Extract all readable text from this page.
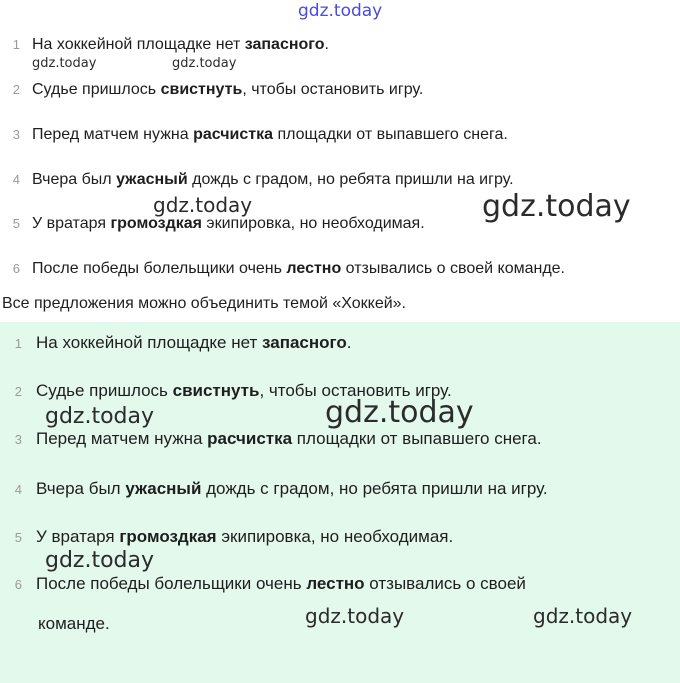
gdz.today
1 На хоккейной площадке нет запасного.
2 Судье пришлось свистнуть, чтобы остановить игру.
3 Перед матчем нужна расчистка площадки от выпавшего снега.
4 Вчера был ужасный дождь с градом, но ребята пришли на игру.
5 У вратаря громоздкая экипировка, но необходимая.
6 После победы болельщики очень лестно отзывались о своей команде.
gdz.today	gdz.today
gdz.today	gdz.today
Все предложения можно объединить темой «Хоккей».
1 На хоккейной площадке нет запасного.
2 Судье пришлось свистнуть, чтобы остановить игру.
3 Перед матчем нужна расчистка площадки от выпавшего снега.
4 Вчера был ужасный дождь с градом, но ребята пришли на игру.
5 У вратаря громоздкая экипировка, но необходимая.
6 После победы болельщики очень лестно отзывались о своей
команде.
gdz.today	gdz.today
gdz.today
gdz.today	gdz.today
